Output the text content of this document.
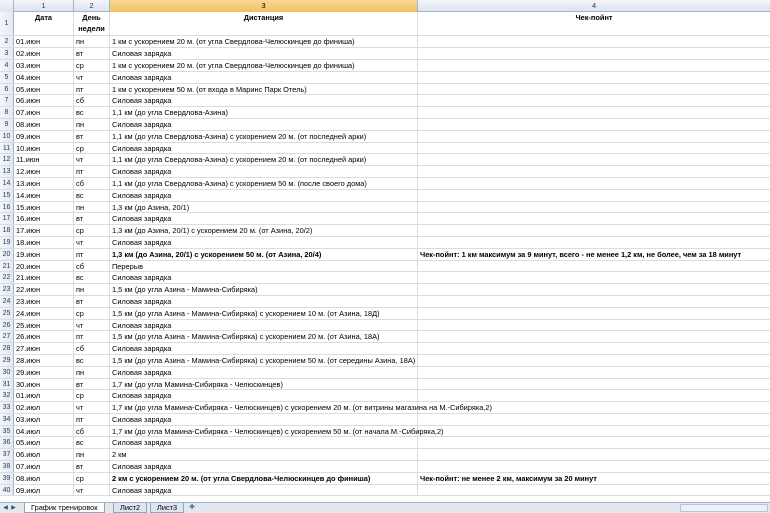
1	2	3	4
1
Дата	День
недели
Дистанция	Чек-пойнт
2	01.июн	пн	1 км с ускорением 20 м. (от угла Свердлова-Челюскинцев до финиша)
3	02.июн	вт	Силовая зарядка
4	03.июн	ср	1 км с ускорением 20 м. (от угла Свердлова-Челюскинцев до финиша)
5	04.июн	чт	Силовая зарядка
6	05.июн	пт	1 км с ускорением 50 м. (от входа в Маринс Парк Отель)
7	06.июн	сб	Силовая зарядка
8	07.июн	вс	1,1 км (до угла Свердлова-Азина)
9	08.июн	пн	Силовая зарядка
10 09.июн	вт	1,1 км (до угла Свердлова-Азина) с ускорением 20 м. (от последней арки)
11 10.июн	ср	Силовая зарядка
12 11.июн	чт	1,1 км (до угла Свердлова-Азина) с ускорением 20 м. (от последней арки)
13 12.июн	пт	Силовая зарядка
14 13.июн	сб	1,1 км (до угла Свердлова-Азина) с ускорением 50 м. (после своего дома)
15 14.июн	вс	Силовая зарядка
16 15.июн	пн	1,3 км (до Азина, 20/1)
17 16.июн	вт	Силовая зарядка
18 17.июн	ср	1,3 км (до Азина, 20/1) с ускорением 20 м. (от Азина, 20/2)
19 18.июн	чт	Силовая зарядка
20 19.июн	пт	1,3 км (до Азина, 20/1) с ускорением 50 м. (от Азина, 20/4)	Чек-пойнт: 1 км максимум за 9 минут, всего - не менее 1,2 км, не более, чем за 18 минут
21 20.июн	сб	Перерыв
22 21.июн	вс	Силовая зарядка
23 22.июн	пн	1,5 км (до угла Азина - Мамина-Сибиряка)
24 23.июн	вт	Силовая зарядка
25 24.июн	ср	1,5 км (до угла Азина - Мамина-Сибиряка) с ускорением 10 м. (от Азина, 18Д)
26 25.июн	чт	Силовая зарядка
27 26.июн	пт	1,5 км (до угла Азина - Мамина-Сибиряка) с ускорением 20 м. (от Азина, 18А)
28 27.июн	сб	Силовая зарядка
29 28.июн	вс	1,5 км (до угла Азина - Мамина-Сибиряка) с ускорением 50 м. (от середины Азина, 18А)
30 29.июн	пн	Силовая зарядка
31 30.июн	вт	1,7 км (до угла Мамина-Сибиряка - Челюскинцев)
32 01.июл	ср	Силовая зарядка
33 02.июл	чт	1,7 км (до угла Мамина-Сибиряка - Челюскинцев) с ускорением 20 м. (от витрины магазина на М.-Сибиряка,2)
34 03.июл	пт	Силовая зарядка
35 04.июл	сб	1,7 км (до угла Мамина-Сибиряка - Челюскинцев) с ускорением 50 м. (от начала М.-Сибиряка,2)
36 05.июл	вс	Силовая зарядка
37 06.июл	пн	2 км
38 07.июл	вт	Силовая зарядка
39 08.июл	ср	2 км с ускорением 20 м. (от угла Свердлова-Челюскинцев до финиша)	Чек-пойнт: не менее 2 км, максимум за 20 минут
40 09.июл	чт	Силовая зарядка
◀ ▶	График тренировок	Лист2	Лист3	✚
